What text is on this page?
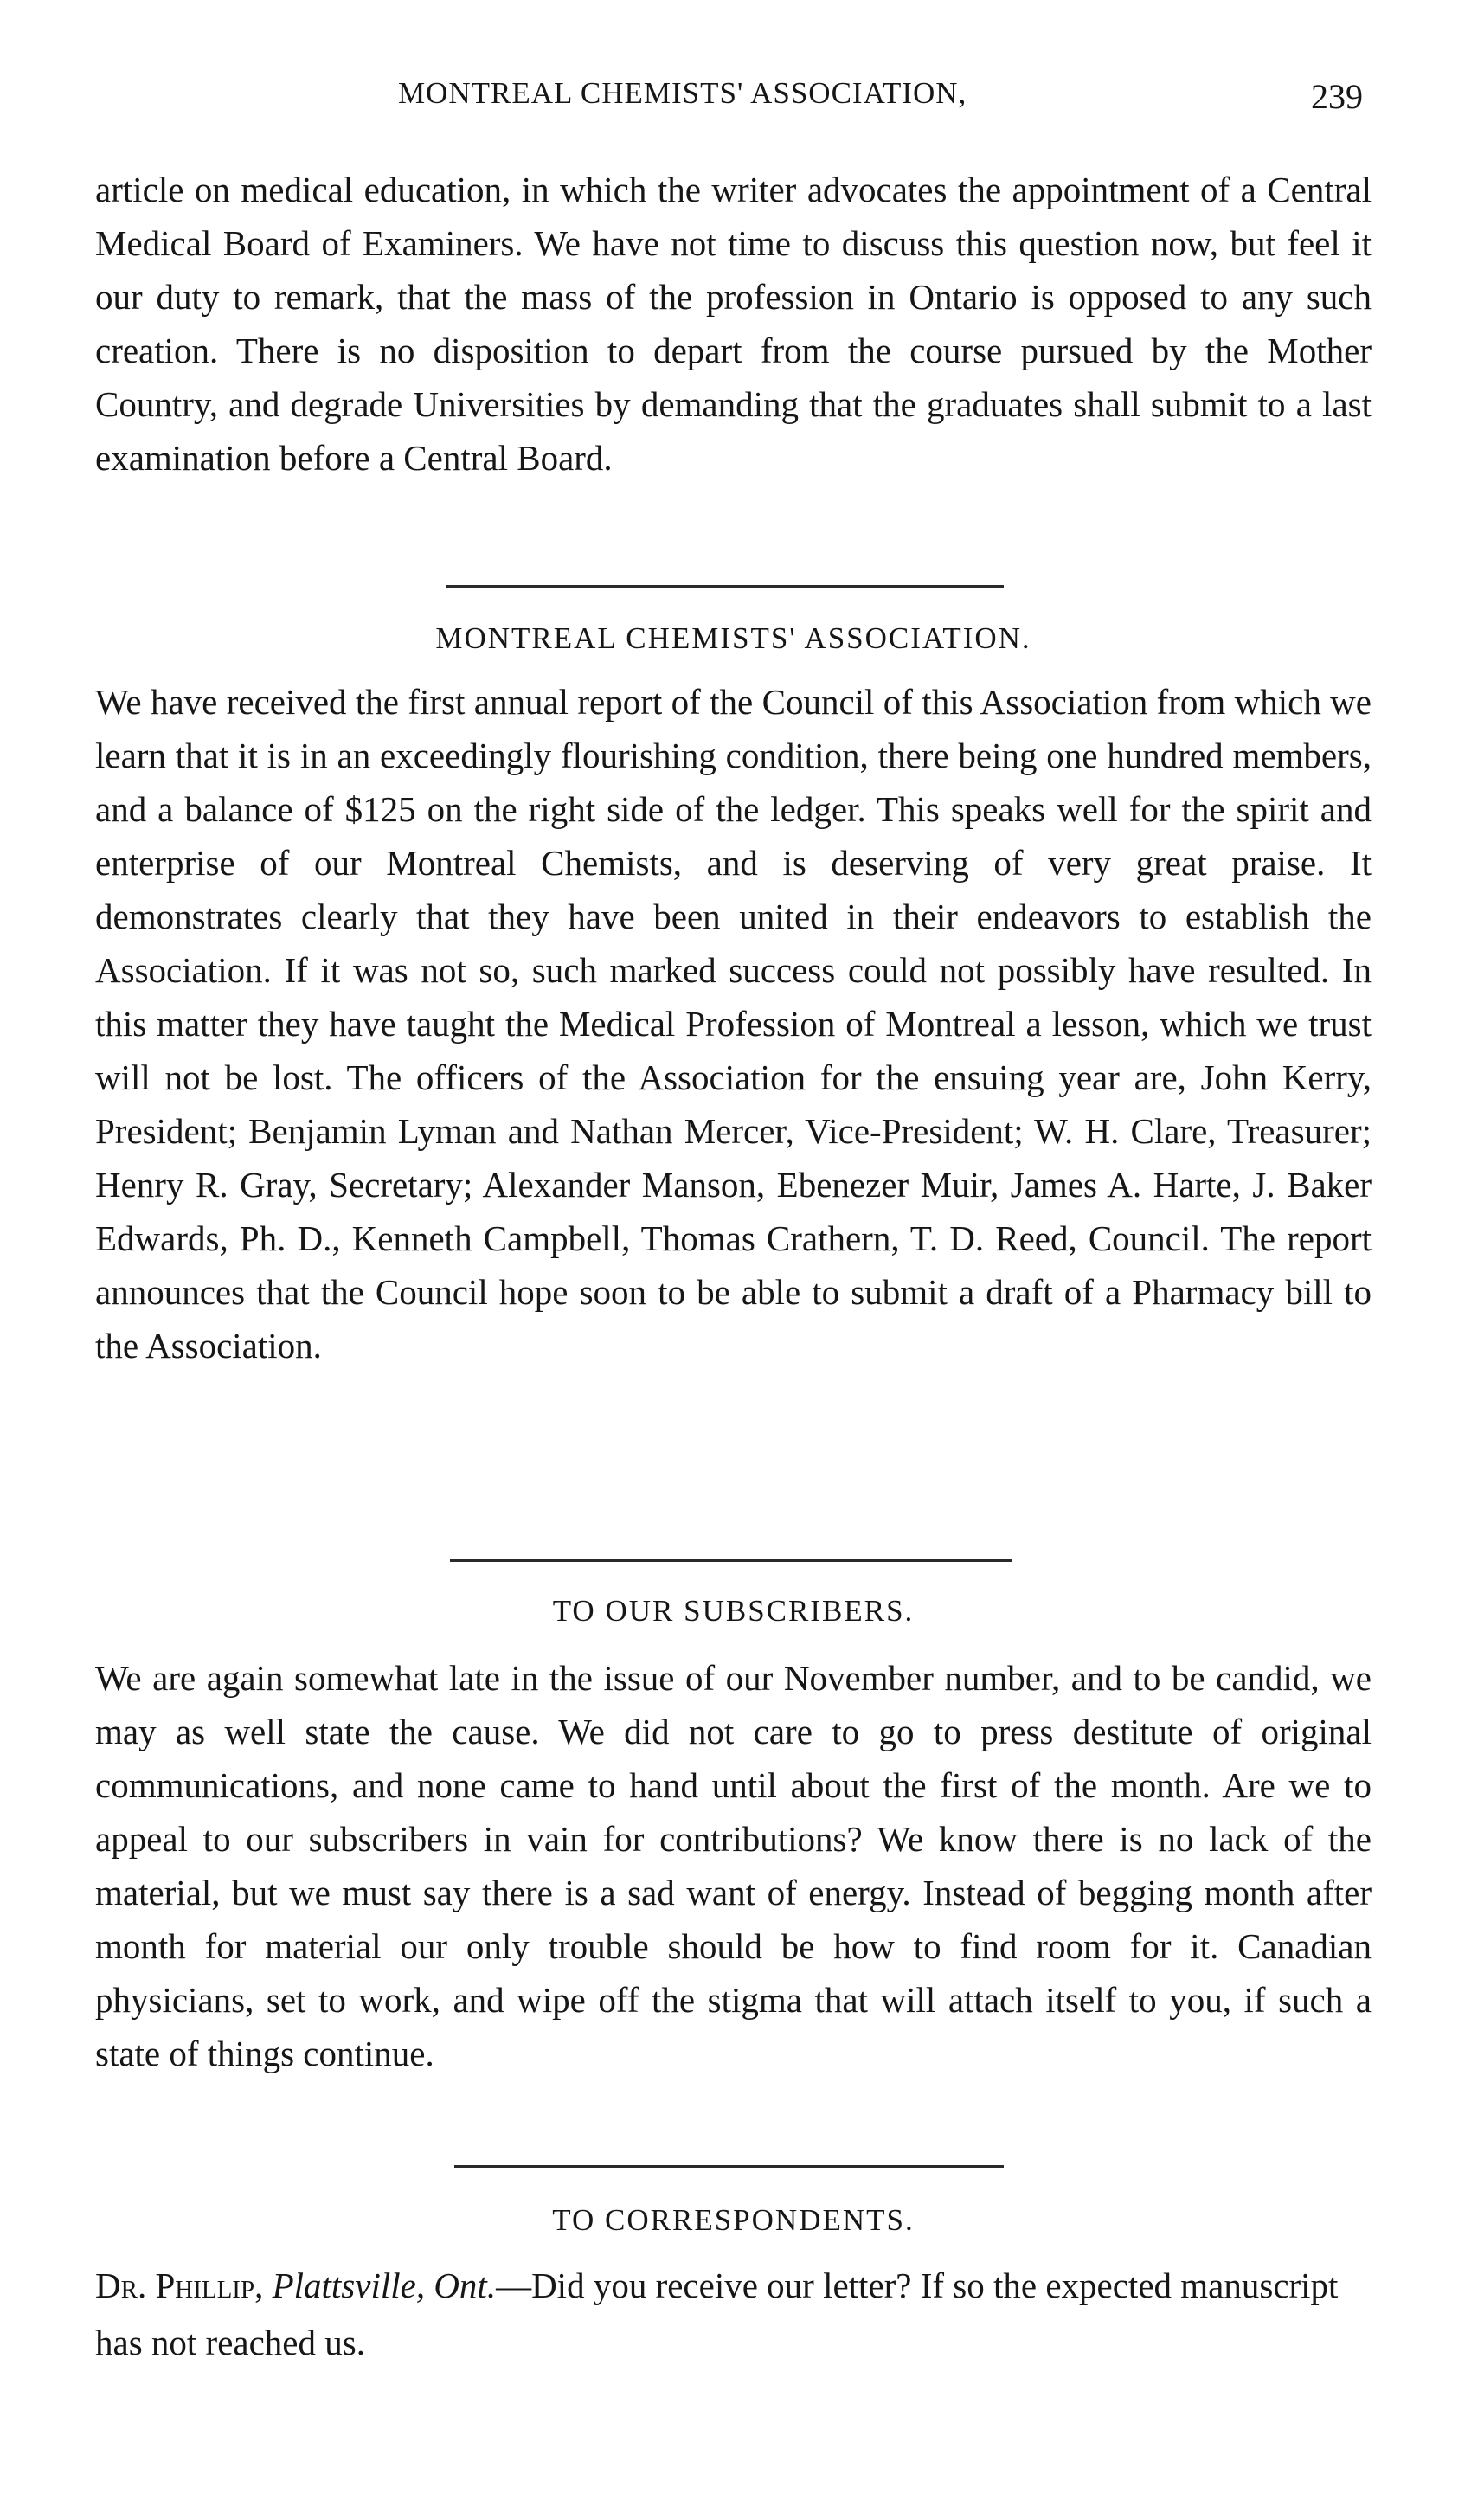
MONTREAL CHEMISTS' ASSOCIATION,	239

article on medical education, in which the writer advocates the appointment of a Central Medical Board of Examiners. We have not time to discuss this question now, but feel it our duty to remark, that the mass of the profession in Ontario is opposed to any such creation. There is no disposition to depart from the course pursued by the Mother Country, and degrade Universities by demanding that the graduates shall submit to a last examination before a Central Board.

MONTREAL CHEMISTS' ASSOCIATION.

We have received the first annual report of the Council of this Association from which we learn that it is in an exceedingly flourishing condition, there being one hundred members, and a balance of $125 on the right side of the ledger. This speaks well for the spirit and enterprise of our Montreal Chemists, and is deserving of very great praise. It demonstrates clearly that they have been united in their endeavors to establish the Association. If it was not so, such marked success could not possibly have resulted. In this matter they have taught the Medical Profession of Montreal a lesson, which we trust will not be lost. The officers of the Association for the ensuing year are, John Kerry, President; Benjamin Lyman and Nathan Mercer, Vice-President; W. H. Clare, Treasurer; Henry R. Gray, Secretary; Alexander Manson, Ebenezer Muir, James A. Harte, J. Baker Edwards, Ph. D., Kenneth Campbell, Thomas Crathern, T. D. Reed, Council. The report announces that the Council hope soon to be able to submit a draft of a Pharmacy bill to the Association.

TO OUR SUBSCRIBERS.

We are again somewhat late in the issue of our November number, and to be candid, we may as well state the cause. We did not care to go to press destitute of original communications, and none came to hand until about the first of the month. Are we to appeal to our subscribers in vain for contributions? We know there is no lack of the material, but we must say there is a sad want of energy. Instead of begging month after month for material our only trouble should be how to find room for it. Canadian physicians, set to work, and wipe off the stigma that will attach itself to you, if such a state of things continue.

TO CORRESPONDENTS.
Dr. Phillip, Plattsville, Ont.—Did you receive our letter? If so the expected manuscript has not reached us.
